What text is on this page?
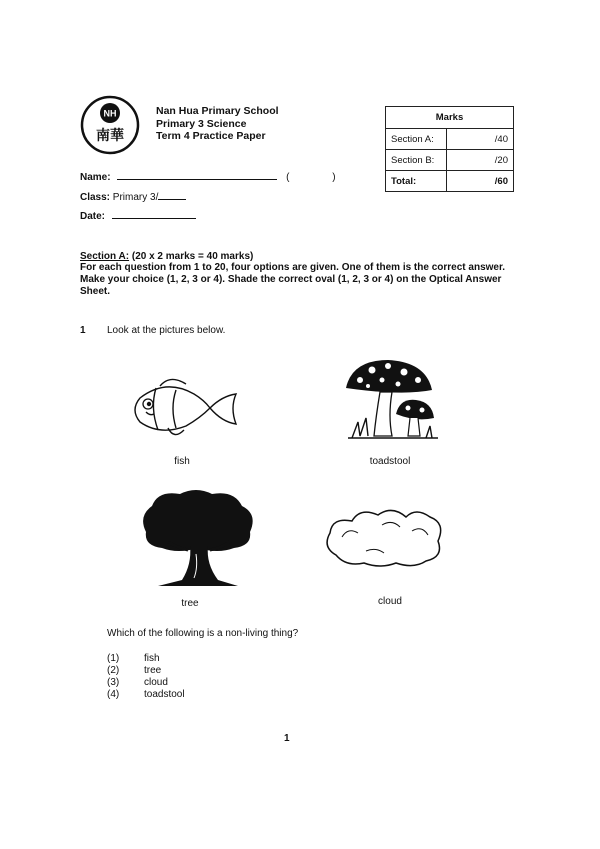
NH
南華
Nan Hua Primary School
Primary 3 Science
Term 4 Practice Paper
Marks	
Section A:	/40
Section B:	/20
Total:	/60
Name:	(	)
Class: Primary 3/
Date:
Section A: (20 x 2 marks = 40 marks)
For each question from 1 to 20, four options are given. One of them is the correct answer. Make your choice (1, 2, 3 or 4). Shade the correct oval (1, 2, 3 or 4) on the Optical Answer Sheet.
1 Look at the pictures below.
fish	toadstool
tree	cloud
Which of the following is a non-living thing?
(1) fish
(2) tree
(3) cloud
(4) toadstool
1
